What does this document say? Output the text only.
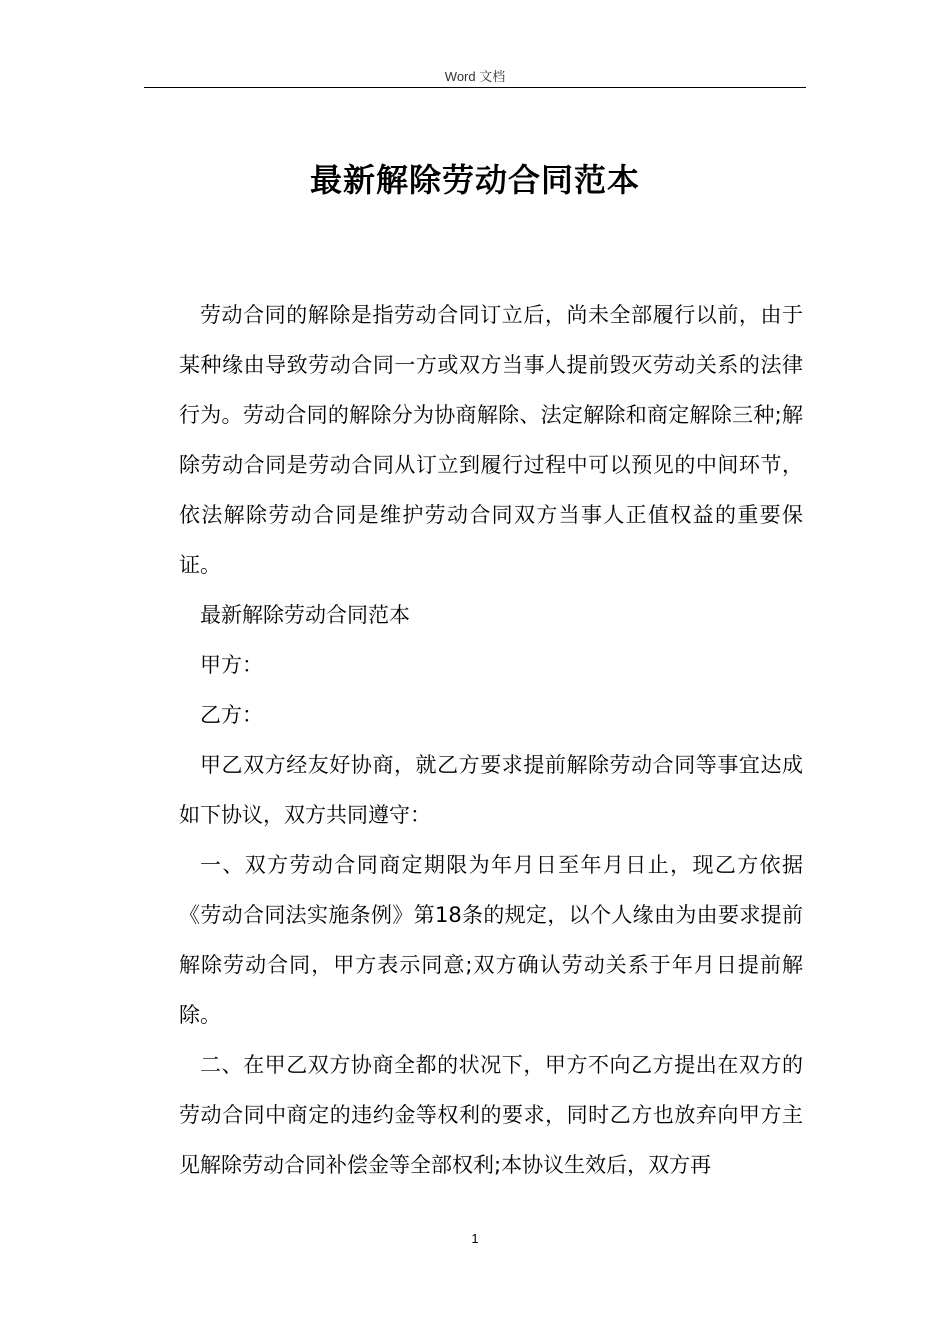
Word 文档
最新解除劳动合同范本

劳动合同的解除是指劳动合同订立后，尚未全部履行以前，由于某种缘由导致劳动合同一方或双方当事人提前毁灭劳动关系的法律行为。劳动合同的解除分为协商解除、法定解除和商定解除三种;解除劳动合同是劳动合同从订立到履行过程中可以预见的中间环节，依法解除劳动合同是维护劳动合同双方当事人正值权益的重要保证。

最新解除劳动合同范本

甲方：

乙方：

甲乙双方经友好协商，就乙方要求提前解除劳动合同等事宜达成如下协议，双方共同遵守：

一、双方劳动合同商定期限为年月日至年月日止，现乙方依据《劳动合同法实施条例》第18条的规定，以个人缘由为由要求提前解除劳动合同，甲方表示同意;双方确认劳动关系于年月日提前解除。

二、在甲乙双方协商全都的状况下，甲方不向乙方提出在双方的劳动合同中商定的违约金等权利的要求，同时乙方也放弃向甲方主见解除劳动合同补偿金等全部权利;本协议生效后，双方再

1
